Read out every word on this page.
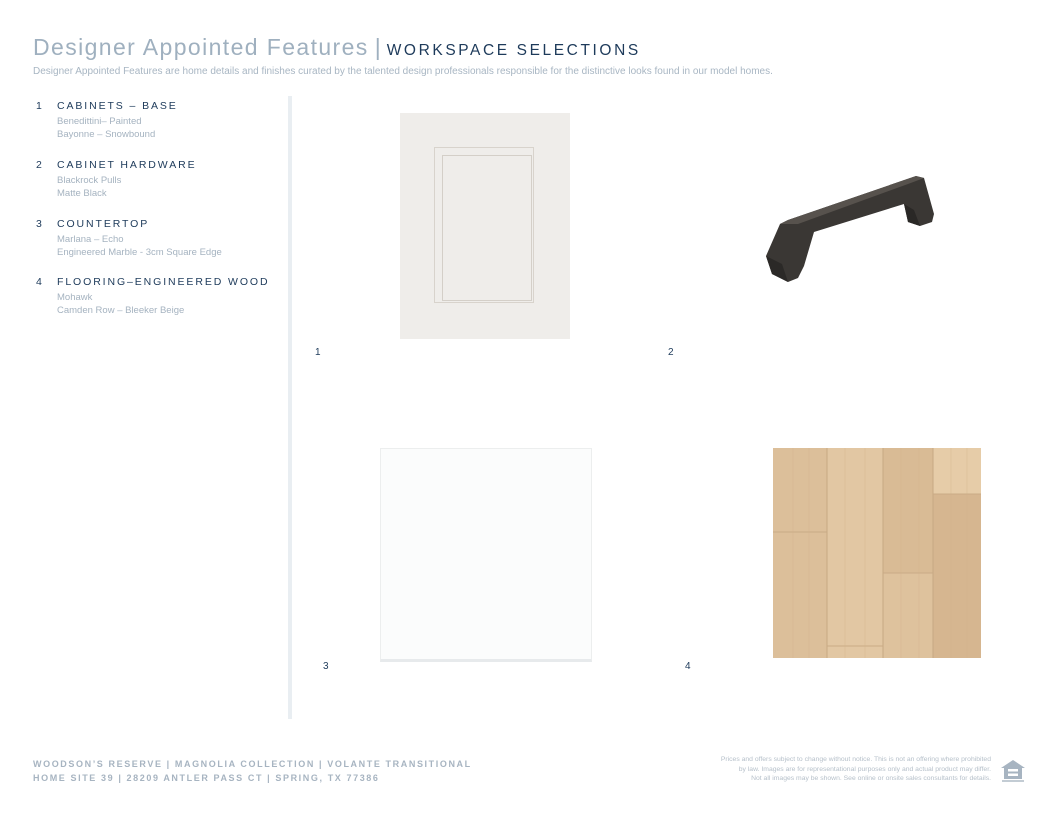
Designer Appointed Features | WORKSPACE SELECTIONS
Designer Appointed Features are home details and finishes curated by the talented design professionals responsible for the distinctive looks found in our model homes.
1 CABINETS – BASE
Benedittini– Painted
Bayonne – Snowbound
2 CABINET HARDWARE
Blackrock Pulls
Matte Black
3 COUNTERTOP
Marlana – Echo
Engineered Marble - 3cm Square Edge
4 FLOORING–ENGINEERED WOOD
Mohawk
Camden Row – Bleeker Beige
1	2
3	4
WOODSON’S RESERVE | MAGNOLIA COLLECTION | VOLANTE TRANSITIONAL
HOME SITE 39 | 28209 ANTLER PASS CT | SPRING, TX 77386
Prices and offers subject to change without notice. This is not an offering where prohibited
by law. Images are for representational purposes only and actual product may differ.
Not all images may be shown. See online or onsite sales consultants for details.
